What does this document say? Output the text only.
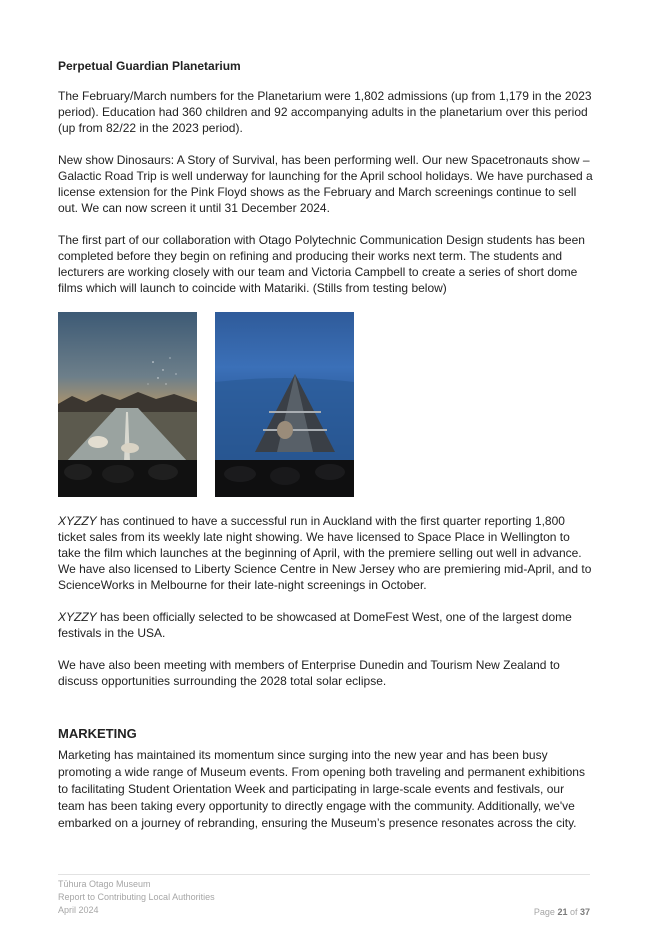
Perpetual Guardian Planetarium

The February/March numbers for the Planetarium were 1,802 admissions (up from 1,179 in the 2023 period). Education had 360 children and 92 accompanying adults in the planetarium over this period (up from 82/22 in the 2023 period).

New show Dinosaurs: A Story of Survival, has been performing well. Our new Spacetronauts show – Galactic Road Trip is well underway for launching for the April school holidays. We have purchased a license extension for the Pink Floyd shows as the February and March screenings continue to sell out. We can now screen it until 31 December 2024.

The first part of our collaboration with Otago Polytechnic Communication Design students has been completed before they begin on refining and producing their works next term. The students and lecturers are working closely with our team and Victoria Campbell to create a series of short dome films which will launch to coincide with Matariki. (Stills from testing below)

XYZZY has continued to have a successful run in Auckland with the first quarter reporting 1,800 ticket sales from its weekly late night showing. We have licensed to Space Place in Wellington to take the film which launches at the beginning of April, with the premiere selling out well in advance. We have also licensed to Liberty Science Centre in New Jersey who are premiering mid-April, and to ScienceWorks in Melbourne for their late-night screenings in October.

XYZZY has been officially selected to be showcased at DomeFest West, one of the largest dome festivals in the USA.

We have also been meeting with members of Enterprise Dunedin and Tourism New Zealand to discuss opportunities surrounding the 2028 total solar eclipse.

MARKETING

Marketing has maintained its momentum since surging into the new year and has been busy promoting a wide range of Museum events. From opening both traveling and permanent exhibitions to facilitating Student Orientation Week and participating in large-scale events and festivals, our team has been taking every opportunity to directly engage with the community. Additionally, we've embarked on a journey of rebranding, ensuring the Museum’s presence resonates across the city.

Tūhura Otago Museum
Report to Contributing Local Authorities
April 2024	Page 21 of 37
